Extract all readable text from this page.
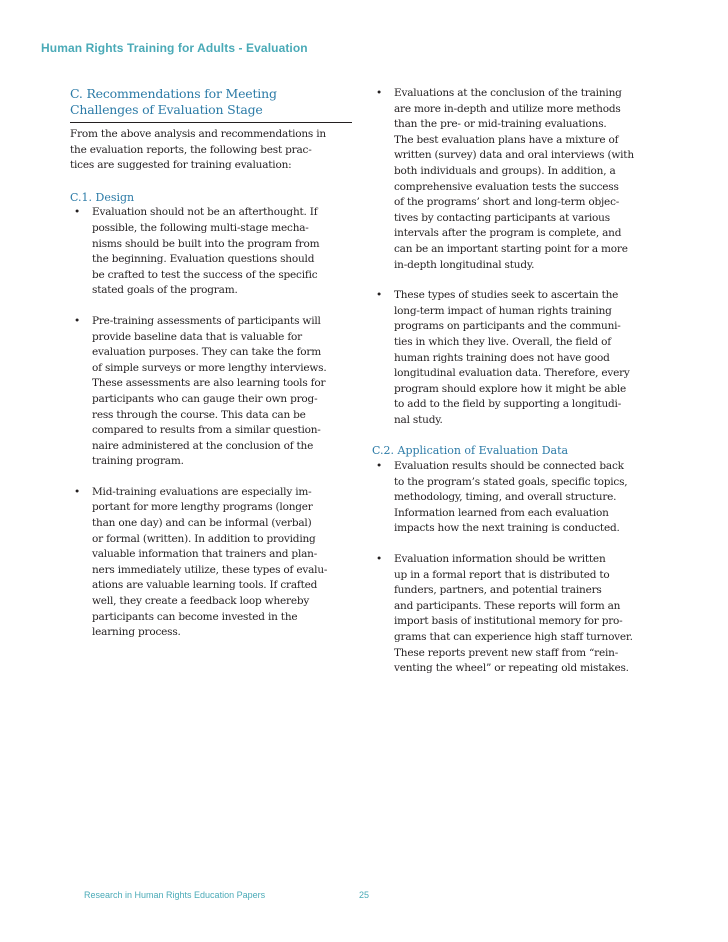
Human Rights Training for Adults - Evaluation
C. Recommendations for Meeting
Challenges of Evaluation Stage
From the above analysis and recommendations in
the evaluation reports, the following best prac-
tices are suggested for training evaluation:
C.1. Design
• Evaluation should not be an afterthought. If
possible, the following multi-stage mecha-
nisms should be built into the program from
the beginning. Evaluation questions should
be crafted to test the success of the specific
stated goals of the program.
• Pre-training assessments of participants will
provide baseline data that is valuable for
evaluation purposes. They can take the form
of simple surveys or more lengthy interviews.
These assessments are also learning tools for
participants who can gauge their own prog-
ress through the course. This data can be
compared to results from a similar question-
naire administered at the conclusion of the
training program.
• Mid-training evaluations are especially im-
portant for more lengthy programs (longer
than one day) and can be informal (verbal)
or formal (written). In addition to providing
valuable information that trainers and plan-
ners immediately utilize, these types of evalu-
ations are valuable learning tools. If crafted
well, they create a feedback loop whereby
participants can become invested in the
learning process.
• Evaluations at the conclusion of the training
are more in-depth and utilize more methods
than the pre- or mid-training evaluations.
The best evaluation plans have a mixture of
written (survey) data and oral interviews (with
both individuals and groups). In addition, a
comprehensive evaluation tests the success
of the programs’ short and long-term objec-
tives by contacting participants at various
intervals after the program is complete, and
can be an important starting point for a more
in-depth longitudinal study.
• These types of studies seek to ascertain the
long-term impact of human rights training
programs on participants and the communi-
ties in which they live. Overall, the field of
human rights training does not have good
longitudinal evaluation data. Therefore, every
program should explore how it might be able
to add to the field by supporting a longitudi-
nal study.
C.2. Application of Evaluation Data
• Evaluation results should be connected back
to the program’s stated goals, specific topics,
methodology, timing, and overall structure.
Information learned from each evaluation
impacts how the next training is conducted.
• Evaluation information should be written
up in a formal report that is distributed to
funders, partners, and potential trainers
and participants. These reports will form an
import basis of institutional memory for pro-
grams that can experience high staff turnover.
These reports prevent new staff from “rein-
venting the wheel” or repeating old mistakes.
Research in Human Rights Education Papers	25
